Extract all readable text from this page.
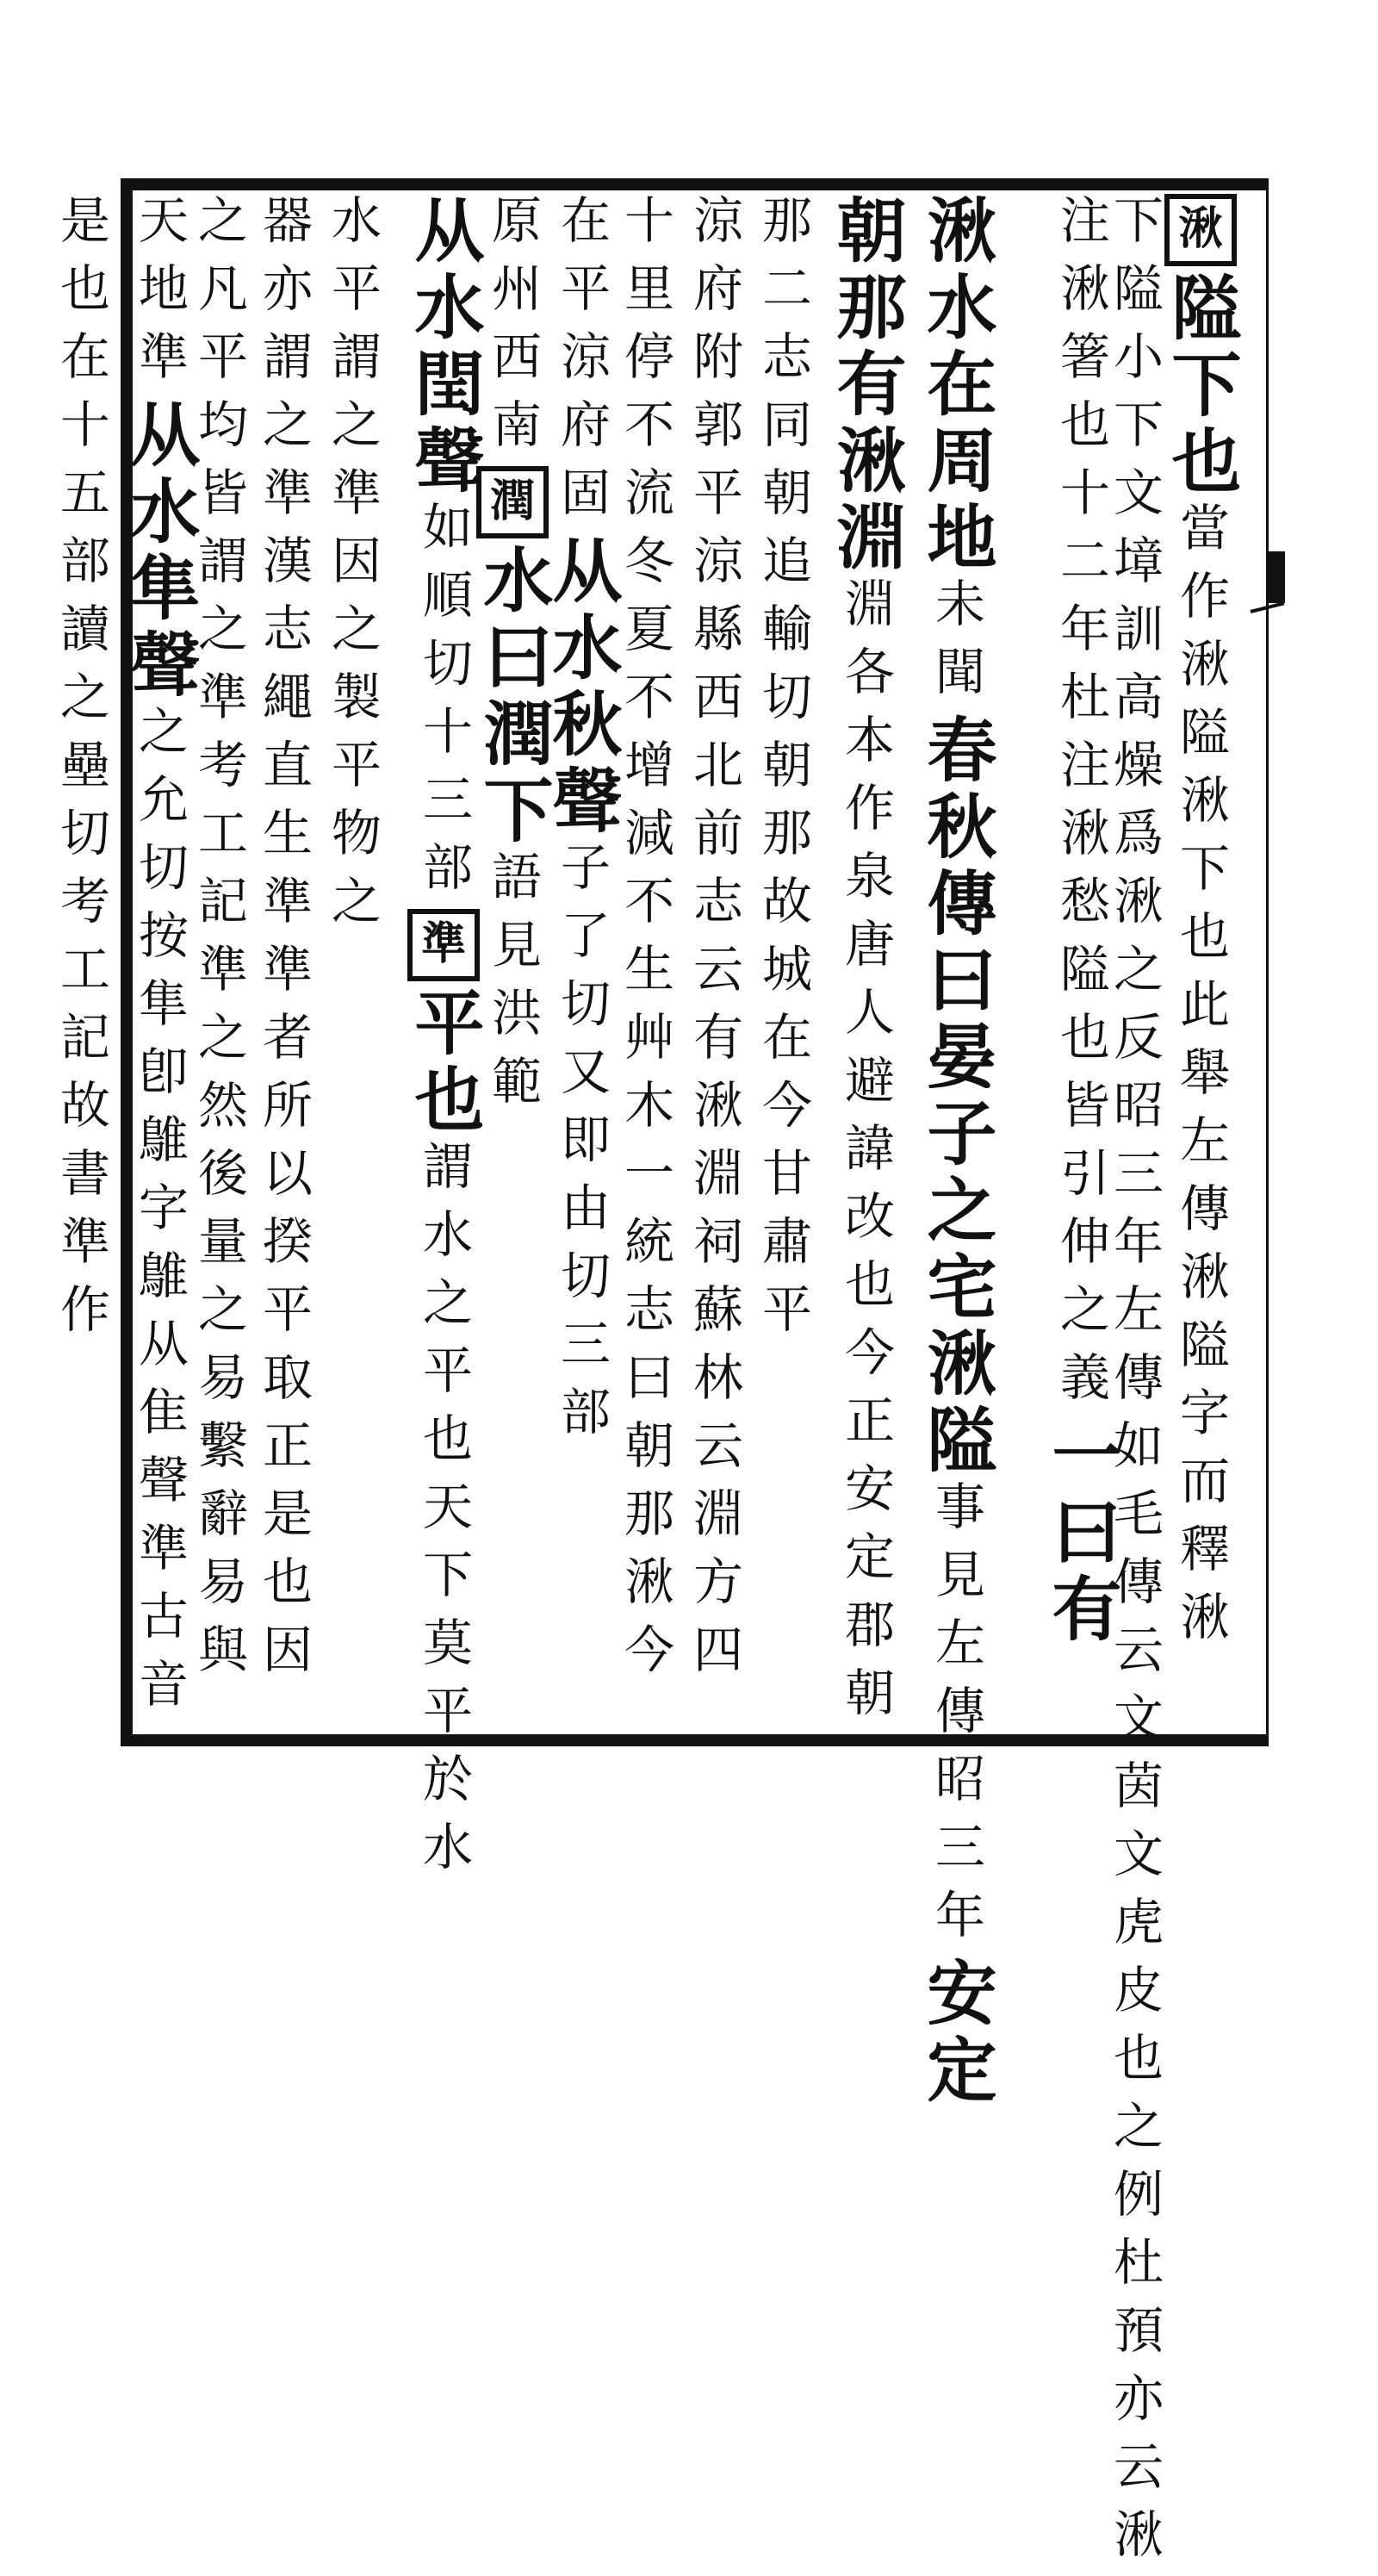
湫隘下也當作湫隘湫下也此舉左傳湫隘字而釋湫
下隘小下文墇訓高燥爲湫之反昭三年左傳如毛傳云文茵文虎皮也之例杜預亦云湫
注湫箸也十二年杜注湫愁隘也皆引伸之義一曰有
湫水在周地未聞春秋傳曰晏子之宅湫隘事見左傳昭三年安定
朝那有湫淵淵各本作泉唐人避諱改也今正安定郡朝
那二志同朝追輸切朝那故城在今甘肅平
涼府附郭平涼縣西北前志云有湫淵祠蘇林云淵方四
十里停不流冬夏不增減不生艸木一統志曰朝那湫今
在平涼府固从水秋聲子了切又即由切三部
原州西南潤水曰潤下語見洪範
从水閏聲如順切十三部準平也謂水之平也天下莫平於水
水平謂之準因之製平物之
器亦謂之準漢志繩直生準準者所以揆平取正是也因
之凡平均皆謂之準考工記準之然後量之易繫辭易與
天地準从水隼聲之允切按隼卽鵻字鵻从隹聲準古音
是也在十五部讀之壘切考工記故書準作
